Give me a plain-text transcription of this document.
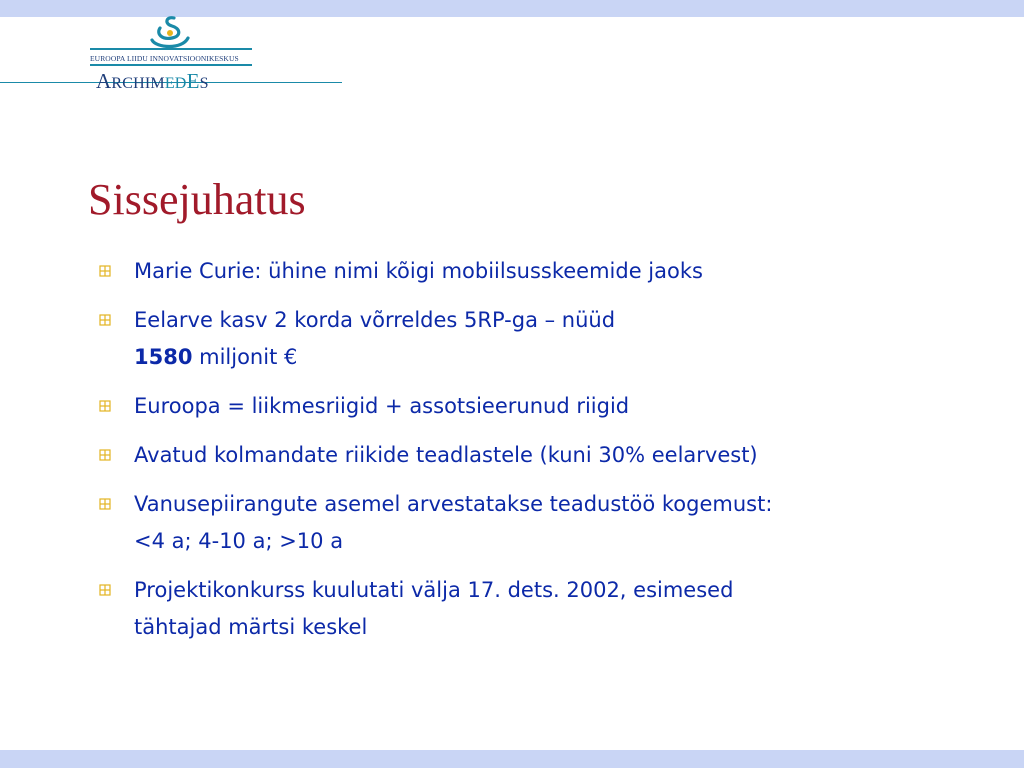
EUROOPA LIIDU INNOVATSIOONIKESKUS
ARCHIMEDES
Sissejuhatus
Marie Curie: ühine nimi kõigi mobiilsusskeemide jaoks
Eelarve kasv 2 korda võrreldes 5RP-ga – nüüd
1580 miljonit €
Euroopa = liikmesriigid + assotsieerunud riigid
Avatud kolmandate riikide teadlastele (kuni 30% eelarvest)
Vanusepiirangute asemel arvestatakse teadustöö kogemust:
<4 a; 4-10 a; >10 a
Projektikonkurss kuulutati välja 17. dets. 2002, esimesed
tähtajad märtsi keskel
